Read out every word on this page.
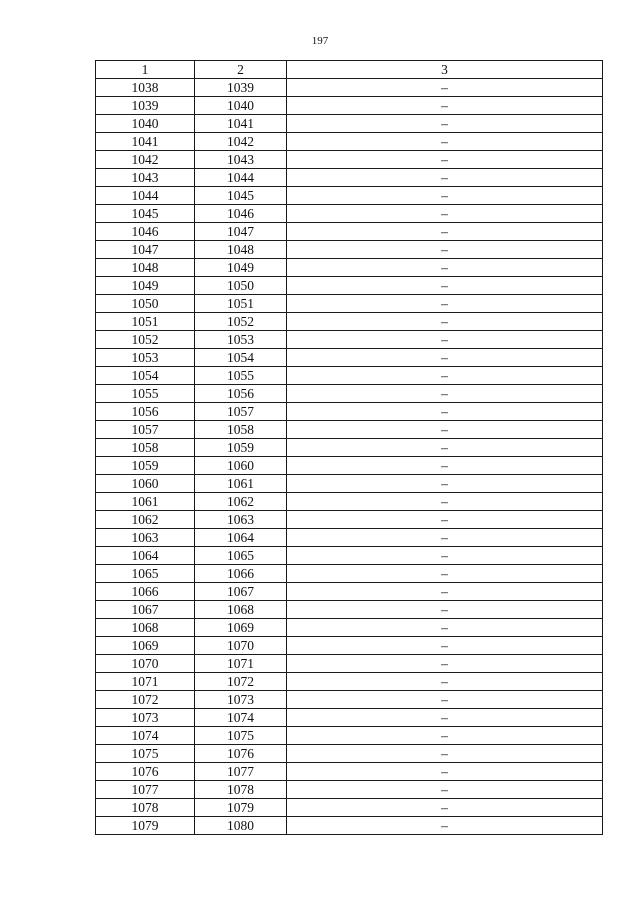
197
1	2	3
1038	1039	–
1039	1040	–
1040	1041	–
1041	1042	–
1042	1043	–
1043	1044	–
1044	1045	–
1045	1046	–
1046	1047	–
1047	1048	–
1048	1049	–
1049	1050	–
1050	1051	–
1051	1052	–
1052	1053	–
1053	1054	–
1054	1055	–
1055	1056	–
1056	1057	–
1057	1058	–
1058	1059	–
1059	1060	–
1060	1061	–
1061	1062	–
1062	1063	–
1063	1064	–
1064	1065	–
1065	1066	–
1066	1067	–
1067	1068	–
1068	1069	–
1069	1070	–
1070	1071	–
1071	1072	–
1072	1073	–
1073	1074	–
1074	1075	–
1075	1076	–
1076	1077	–
1077	1078	–
1078	1079	–
1079	1080	–
